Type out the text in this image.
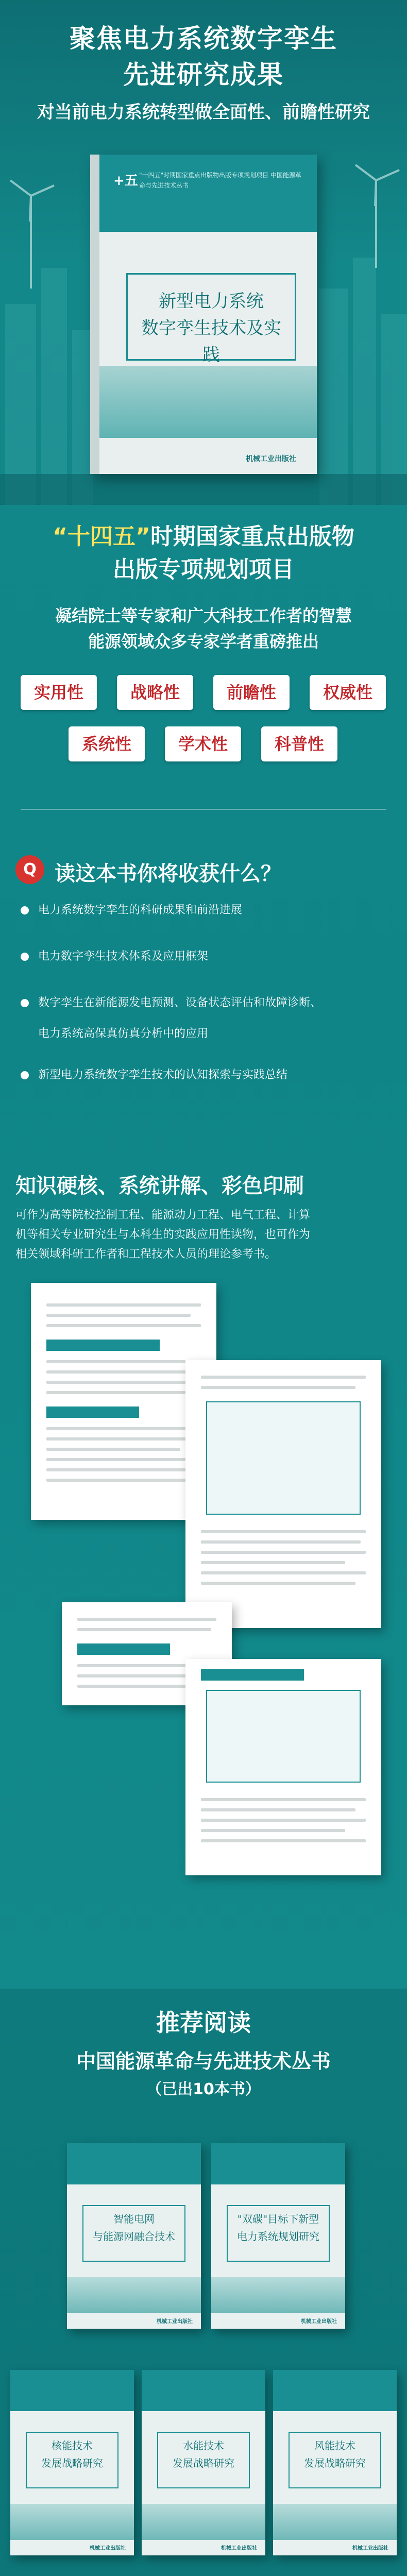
聚焦电力系统数字孪生
先进研究成果
对当前电力系统转型做全面性、前瞻性研究
+五 "十四五"时期国家重点出版物出版专项规划项目 中国能源革命与先进技术丛书
新型电力系统
数字孪生技术及实践
机械工业出版社
“十四五”时期国家重点出版物
出版专项规划项目
凝结院士等专家和广大科技工作者的智慧
能源领域众多专家学者重磅推出
实用性	战略性	前瞻性	权威性
系统性	学术性	科普性
Q 读这本书你将收获什么？
电力系统数字孪生的科研成果和前沿进展
电力数字孪生技术体系及应用框架
数字孪生在新能源发电预测、设备状态评估和故障诊断、
电力系统高保真仿真分析中的应用
新型电力系统数字孪生技术的认知探索与实践总结
知识硬核、系统讲解、彩色印刷
可作为高等院校控制工程、能源动力工程、电气工程、计算
机等相关专业研究生与本科生的实践应用性读物，也可作为
相关领域科研工作者和工程技术人员的理论参考书。
推荐阅读
中国能源革命与先进技术丛书
（已出10本书）
智能电网
与能源网融合技术
机械工业出版社
"双碳"目标下新型
电力系统规划研究
机械工业出版社
核能技术
发展战略研究
机械工业出版社
水能技术
发展战略研究
机械工业出版社
风能技术
发展战略研究
机械工业出版社
